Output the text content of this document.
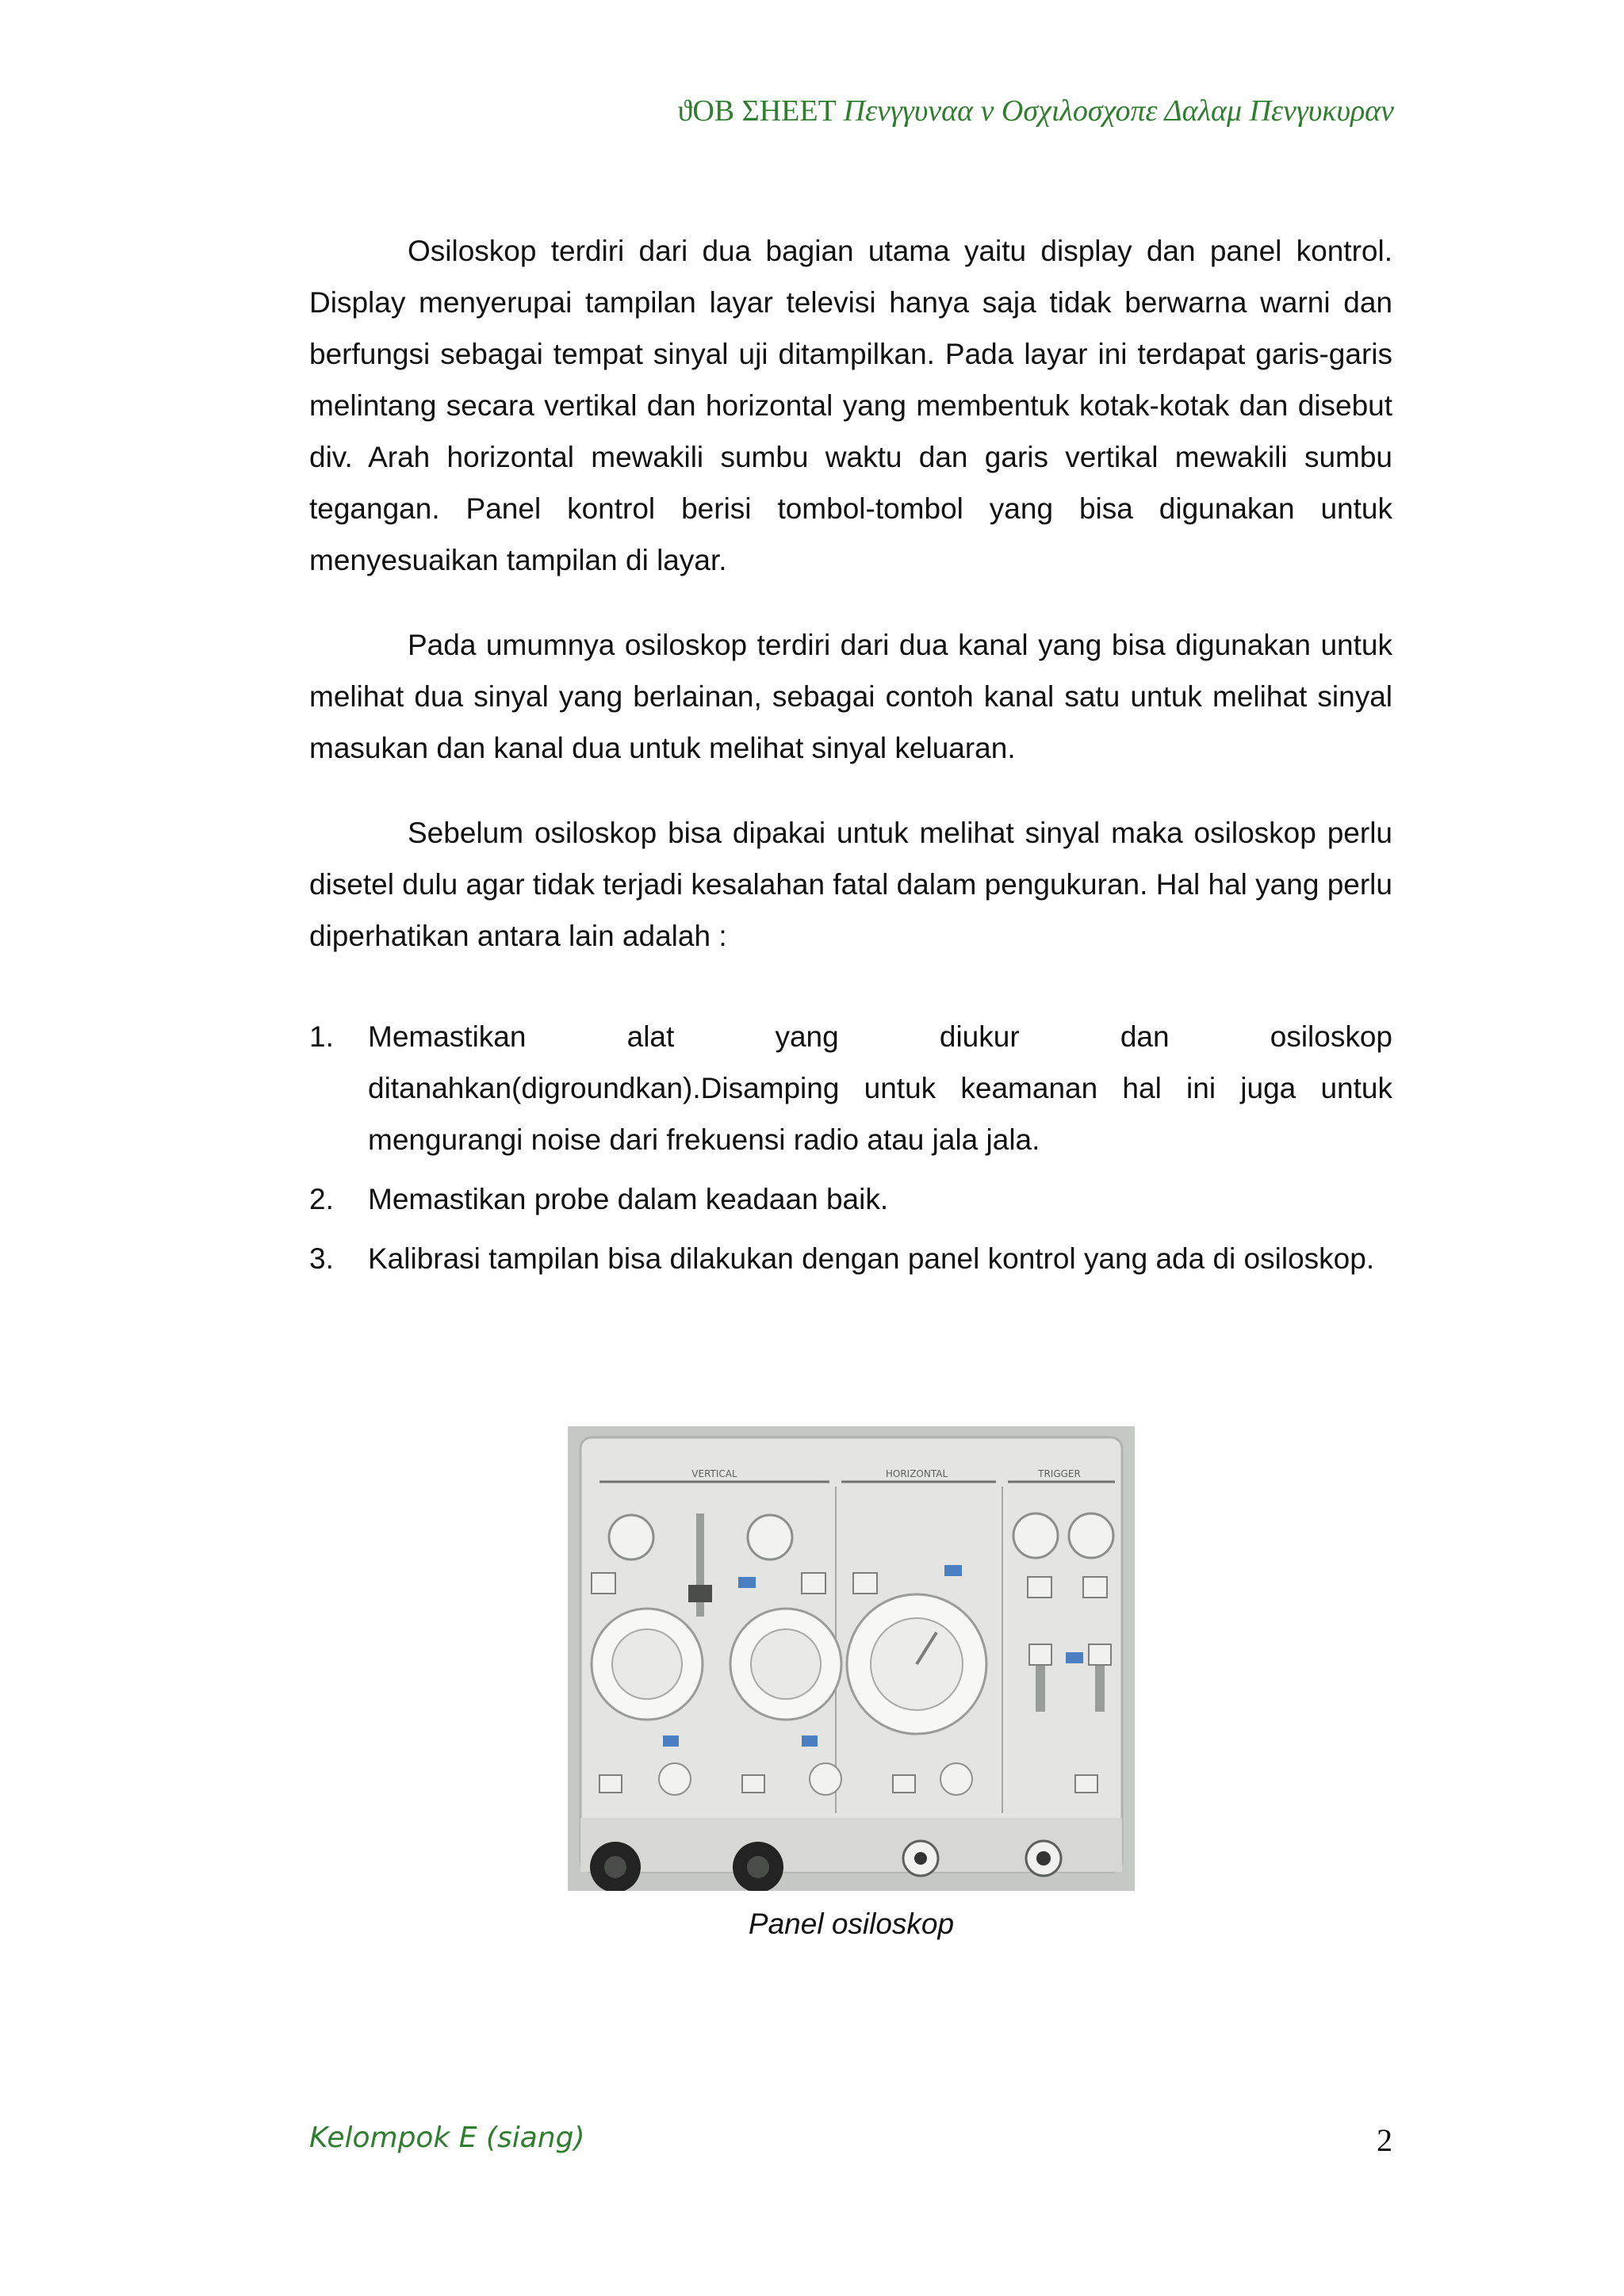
ϑΟΒ ΣΗΕΕΤ Πενγγυναα ν Οσχιλοσχοπε Δαλαμ Πενγυκυραν

Osiloskop terdiri dari dua bagian utama yaitu display dan panel kontrol. Display menyerupai tampilan layar televisi hanya saja tidak berwarna warni dan berfungsi sebagai tempat sinyal uji ditampilkan. Pada layar ini terdapat garis-garis melintang secara vertikal dan horizontal yang membentuk kotak-kotak dan disebut div. Arah horizontal mewakili sumbu waktu dan garis vertikal mewakili sumbu tegangan. Panel kontrol berisi tombol-tombol yang bisa digunakan untuk menyesuaikan tampilan di layar.

Pada umumnya osiloskop terdiri dari dua kanal yang bisa digunakan untuk melihat dua sinyal yang berlainan, sebagai contoh kanal satu untuk melihat sinyal masukan dan kanal dua untuk melihat sinyal keluaran.

Sebelum osiloskop bisa dipakai untuk melihat sinyal maka osiloskop perlu disetel dulu agar tidak terjadi kesalahan fatal dalam pengukuran. Hal hal yang perlu diperhatikan antara lain adalah :

1. Memastikan alat yang diukur dan osiloskop ditanahkan(digroundkan).Disamping untuk keamanan hal ini juga untuk mengurangi noise dari frekuensi radio atau jala jala.
2. Memastikan probe dalam keadaan baik.
3. Kalibrasi tampilan bisa dilakukan dengan panel kontrol yang ada di osiloskop.
VERTICAL	HORIZONTAL	TRIGGER
Panel osiloskop
Kelompok E (siang)	2
